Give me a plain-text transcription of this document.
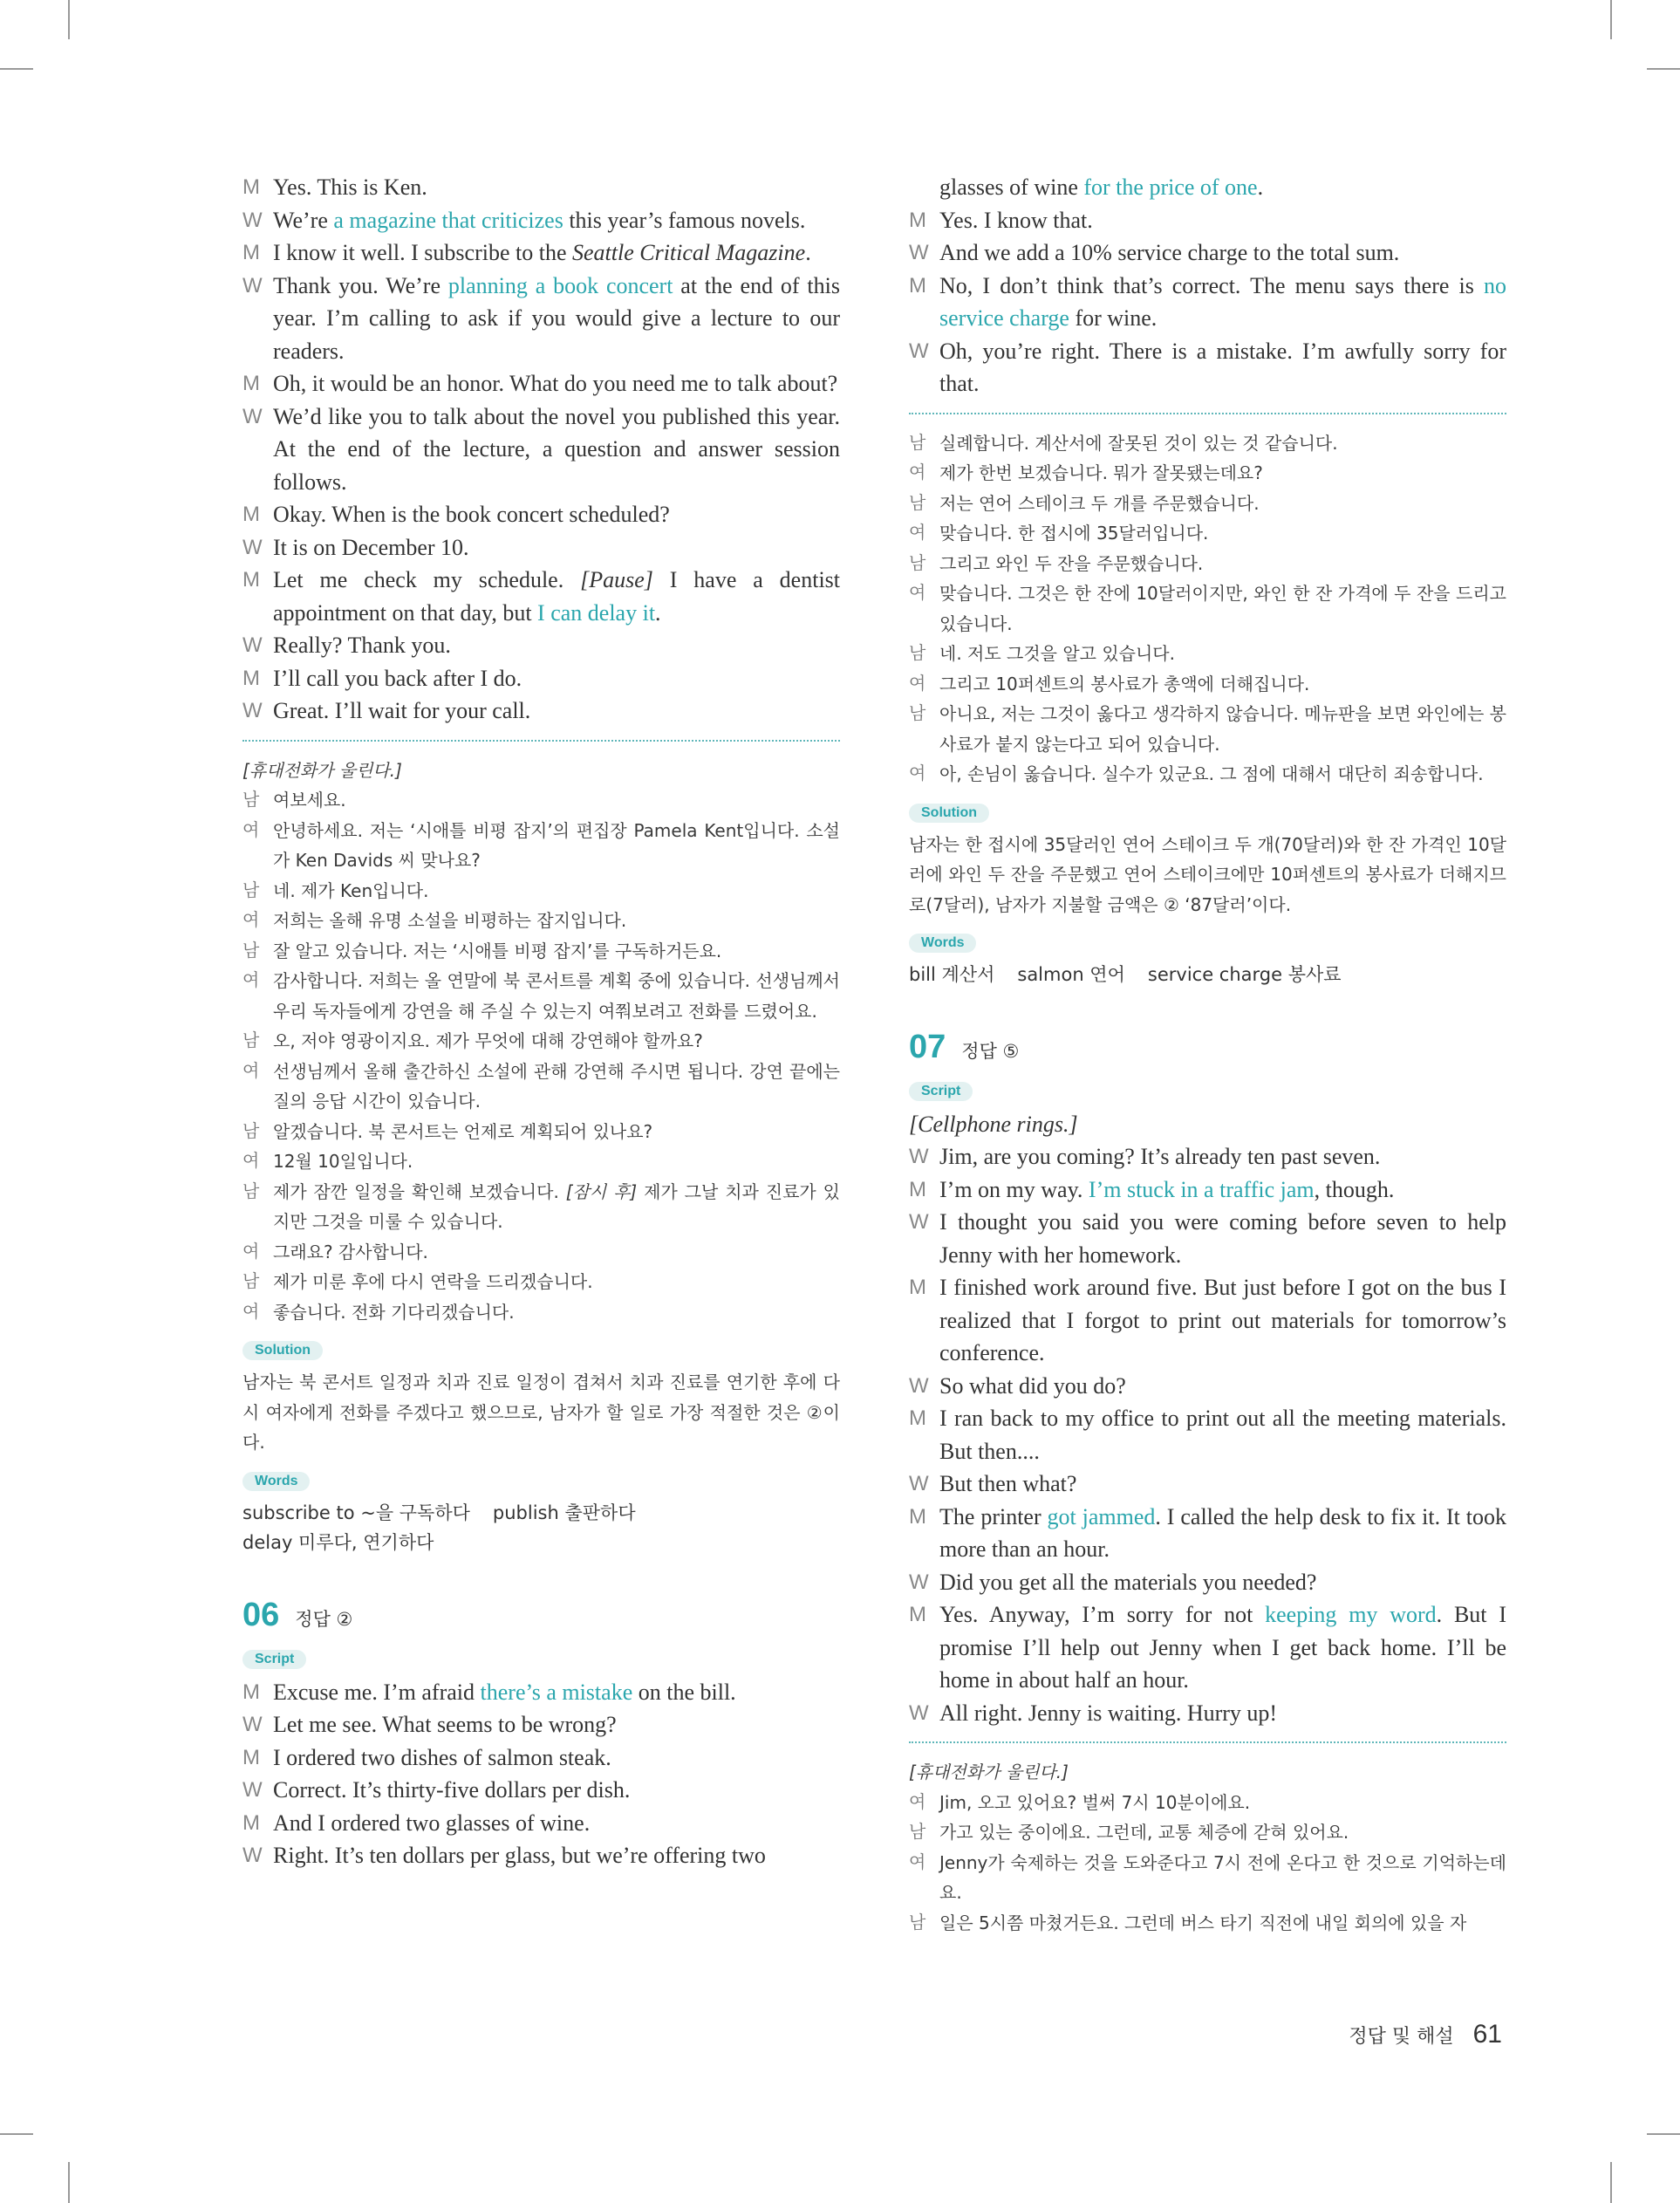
M Yes. This is Ken.
W We’re a magazine that criticizes this year’s famous novels.
M I know it well. I subscribe to the Seattle Critical Magazine.
W Thank you. We’re planning a book concert at the end of this year. I’m calling to ask if you would give a lecture to our readers.
M Oh, it would be an honor. What do you need me to talk about?
W We’d like you to talk about the novel you published this year. At the end of the lecture, a question and answer session follows.
M Okay. When is the book concert scheduled?
W It is on December 10.
M Let me check my schedule. [Pause] I have a dentist appointment on that day, but I can delay it.
W Really? Thank you.
M I’ll call you back after I do.
W Great. I’ll wait for your call.
[휴대전화가 울린다.]
남 여보세요.
여 안녕하세요. 저는 ‘시애틀 비평 잡지’의 편집장 Pamela Kent입니다. 소설가 Ken Davids 씨 맞나요?
남 네. 제가 Ken입니다.
여 저희는 올해 유명 소설을 비평하는 잡지입니다.
남 잘 알고 있습니다. 저는 ‘시애틀 비평 잡지’를 구독하거든요.
여 감사합니다. 저희는 올 연말에 북 콘서트를 계획 중에 있습니다. 선생님께서 우리 독자들에게 강연을 해 주실 수 있는지 여쭤보려고 전화를 드렸어요.
남 오, 저야 영광이지요. 제가 무엇에 대해 강연해야 할까요?
여 선생님께서 올해 출간하신 소설에 관해 강연해 주시면 됩니다. 강연 끝에는 질의 응답 시간이 있습니다.
남 알겠습니다. 북 콘서트는 언제로 계획되어 있나요?
여 12월 10일입니다.
남 제가 잠깐 일정을 확인해 보겠습니다. [잠시 후] 제가 그날 치과 진료가 있지만 그것을 미룰 수 있습니다.
여 그래요? 감사합니다.
남 제가 미룬 후에 다시 연락을 드리겠습니다.
여 좋습니다. 전화 기다리겠습니다.
Solution
남자는 북 콘서트 일정과 치과 진료 일정이 겹쳐서 치과 진료를 연기한 후에 다시 여자에게 전화를 주겠다고 했으므로, 남자가 할 일로 가장 적절한 것은 ②이다.
Words
subscribe to ~을 구독하다 publish 출판하다
delay 미루다, 연기하다
06 정답 ②
Script
M Excuse me. I’m afraid there’s a mistake on the bill.
W Let me see. What seems to be wrong?
M I ordered two dishes of salmon steak.
W Correct. It’s thirty-five dollars per dish.
M And I ordered two glasses of wine.
W Right. It’s ten dollars per glass, but we’re offering two
glasses of wine for the price of one.
M Yes. I know that.
W And we add a 10% service charge to the total sum.
M No, I don’t think that’s correct. The menu says there is no service charge for wine.
W Oh, you’re right. There is a mistake. I’m awfully sorry for that.
남 실례합니다. 계산서에 잘못된 것이 있는 것 같습니다.
여 제가 한번 보겠습니다. 뭐가 잘못됐는데요?
남 저는 연어 스테이크 두 개를 주문했습니다.
여 맞습니다. 한 접시에 35달러입니다.
남 그리고 와인 두 잔을 주문했습니다.
여 맞습니다. 그것은 한 잔에 10달러이지만, 와인 한 잔 가격에 두 잔을 드리고 있습니다.
남 네. 저도 그것을 알고 있습니다.
여 그리고 10퍼센트의 봉사료가 총액에 더해집니다.
남 아니요, 저는 그것이 옳다고 생각하지 않습니다. 메뉴판을 보면 와인에는 봉사료가 붙지 않는다고 되어 있습니다.
여 아, 손님이 옳습니다. 실수가 있군요. 그 점에 대해서 대단히 죄송합니다.
Solution
남자는 한 접시에 35달러인 연어 스테이크 두 개(70달러)와 한 잔 가격인 10달러에 와인 두 잔을 주문했고 연어 스테이크에만 10퍼센트의 봉사료가 더해지므로(7달러), 남자가 지불할 금액은 ② ‘87달러’이다.
Words
bill 계산서 salmon 연어 service charge 봉사료
07 정답 ⑤
Script
[Cellphone rings.]
W Jim, are you coming? It’s already ten past seven.
M I’m on my way. I’m stuck in a traffic jam, though.
W I thought you said you were coming before seven to help Jenny with her homework.
M I finished work around five. But just before I got on the bus I realized that I forgot to print out materials for tomorrow’s conference.
W So what did you do?
M I ran back to my office to print out all the meeting materials. But then....
W But then what?
M The printer got jammed. I called the help desk to fix it. It took more than an hour.
W Did you get all the materials you needed?
M Yes. Anyway, I’m sorry for not keeping my word. But I promise I’ll help out Jenny when I get back home. I’ll be home in about half an hour.
W All right. Jenny is waiting. Hurry up!
[휴대전화가 울린다.]
여 Jim, 오고 있어요? 벌써 7시 10분이에요.
남 가고 있는 중이에요. 그런데, 교통 체증에 갇혀 있어요.
여 Jenny가 숙제하는 것을 도와준다고 7시 전에 온다고 한 것으로 기억하는데요.
남 일은 5시쯤 마쳤거든요. 그런데 버스 타기 직전에 내일 회의에 있을 자
정답 및 해설 61
